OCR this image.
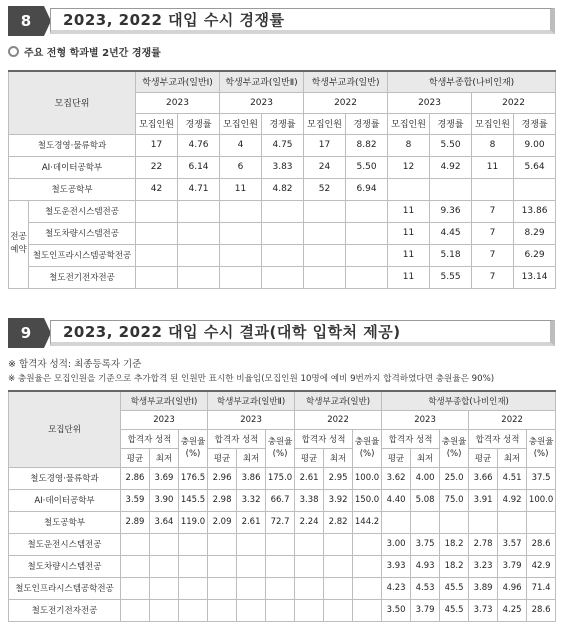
8	2023, 2022 대입 수시 경쟁률
주요 전형 학과별 2년간 경쟁률
모집단위		학생부교과(일반Ⅰ)		학생부교과(일반Ⅱ)		학생부교과(일반)		학생부종합(나비인재)			
		2023		2023		2022		2023		2022	
		모집인원	경쟁률	모집인원	경쟁률	모집인원	경쟁률	모집인원	경쟁률	모집인원	경쟁률
철도경영·물류학과		17	4.76	4	4.75	17	8.82	8	5.50	8	9.00
AI·데이터공학부		22	6.14	6	3.83	24	5.50	12	4.92	11	5.64
철도공학부		42	4.71	11	4.82	52	6.94				
전공예약	철도운전시스템전공							11	9.36	7	13.86
	철도차량시스템전공							11	4.45	7	8.29
	철도인프라시스템공학전공							11	5.18	7	6.29
	철도전기전자전공							11	5.55	7	13.14
9	2023, 2022 대입 수시 결과(대학 입학처 제공)
※ 합격자 성적: 최종등록자 기준
※ 충원율은 모집인원을 기준으로 추가합격 된 인원만 표시한 비율임(모집인원 10명에 예비 9번까지 합격하였다면 충원율은 90%)
모집단위	학생부교과(일반Ⅰ)			학생부교과(일반Ⅱ)			학생부교과(일반)			학생부종합(나비인재)					
	2023			2023			2022			2023			2022		
	합격자 성적		충원율(%)	합격자 성적		충원율(%)	합격자 성적		충원율(%)	합격자 성적		충원율(%)	합격자 성적		충원율(%)
	평균	최저		평균	최저		평균	최저		평균	최저		평균	최저	
철도경영·물류학과	2.86	3.69	176.5	2.96	3.86	175.0	2.61	2.95	100.0	3.62	4.00	25.0	3.66	4.51	37.5
AI·데이터공학부	3.59	3.90	145.5	2.98	3.32	66.7	3.38	3.92	150.0	4.40	5.08	75.0	3.91	4.92	100.0
철도공학부	2.89	3.64	119.0	2.09	2.61	72.7	2.24	2.82	144.2						
철도운전시스템전공										3.00	3.75	18.2	2.78	3.57	28.6
철도차량시스템전공										3.93	4.93	18.2	3.23	3.79	42.9
철도인프라시스템공학전공										4.23	4.53	45.5	3.89	4.96	71.4
철도전기전자전공										3.50	3.79	45.5	3.73	4.25	28.6
